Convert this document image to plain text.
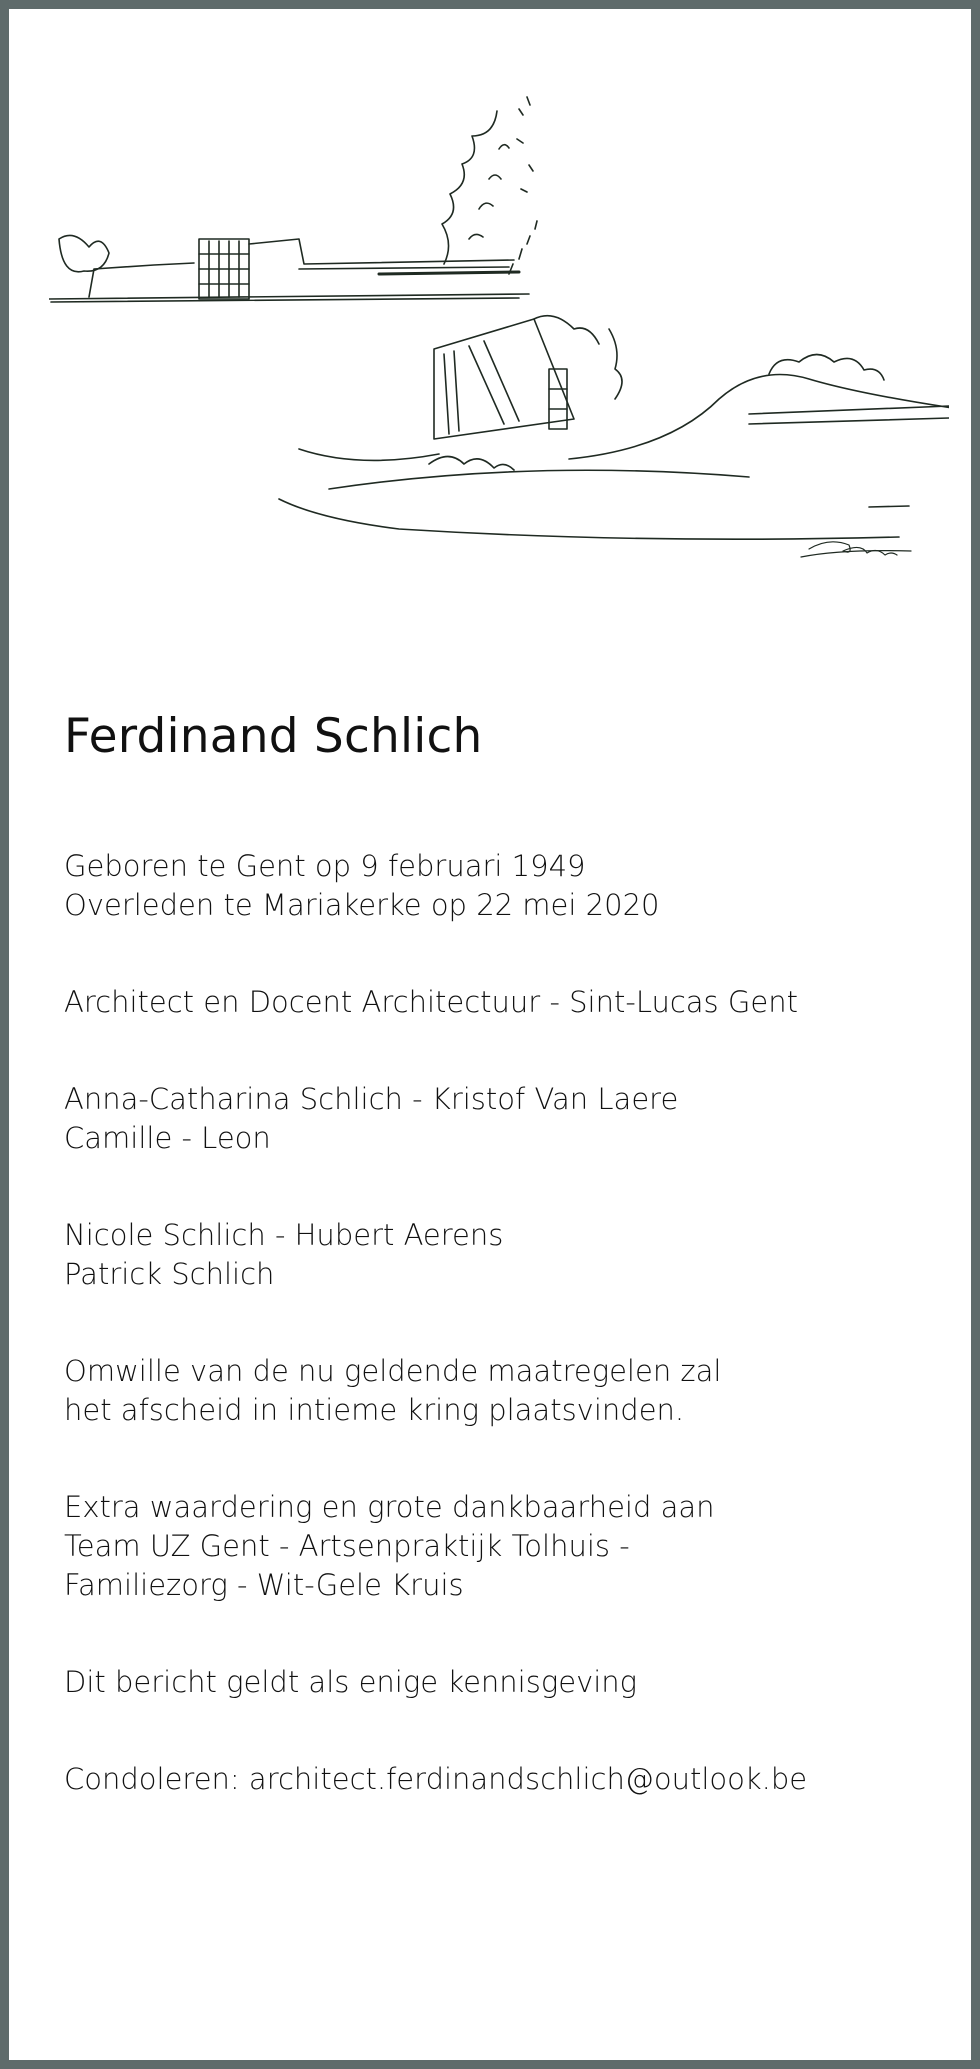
Ferdinand Schlich
Geboren te Gent op 9 februari 1949
Overleden te Mariakerke op 22 mei 2020
Architect en Docent Architectuur - Sint-Lucas Gent
Anna-Catharina Schlich - Kristof Van Laere
Camille - Leon
Nicole Schlich - Hubert Aerens
Patrick Schlich
Omwille van de nu geldende maatregelen zal
het afscheid in intieme kring plaatsvinden.
Extra waardering en grote dankbaarheid aan
Team UZ Gent - Artsenpraktijk Tolhuis -
Familiezorg - Wit-Gele Kruis
Dit bericht geldt als enige kennisgeving
Condoleren: architect.ferdinandschlich@outlook.be
